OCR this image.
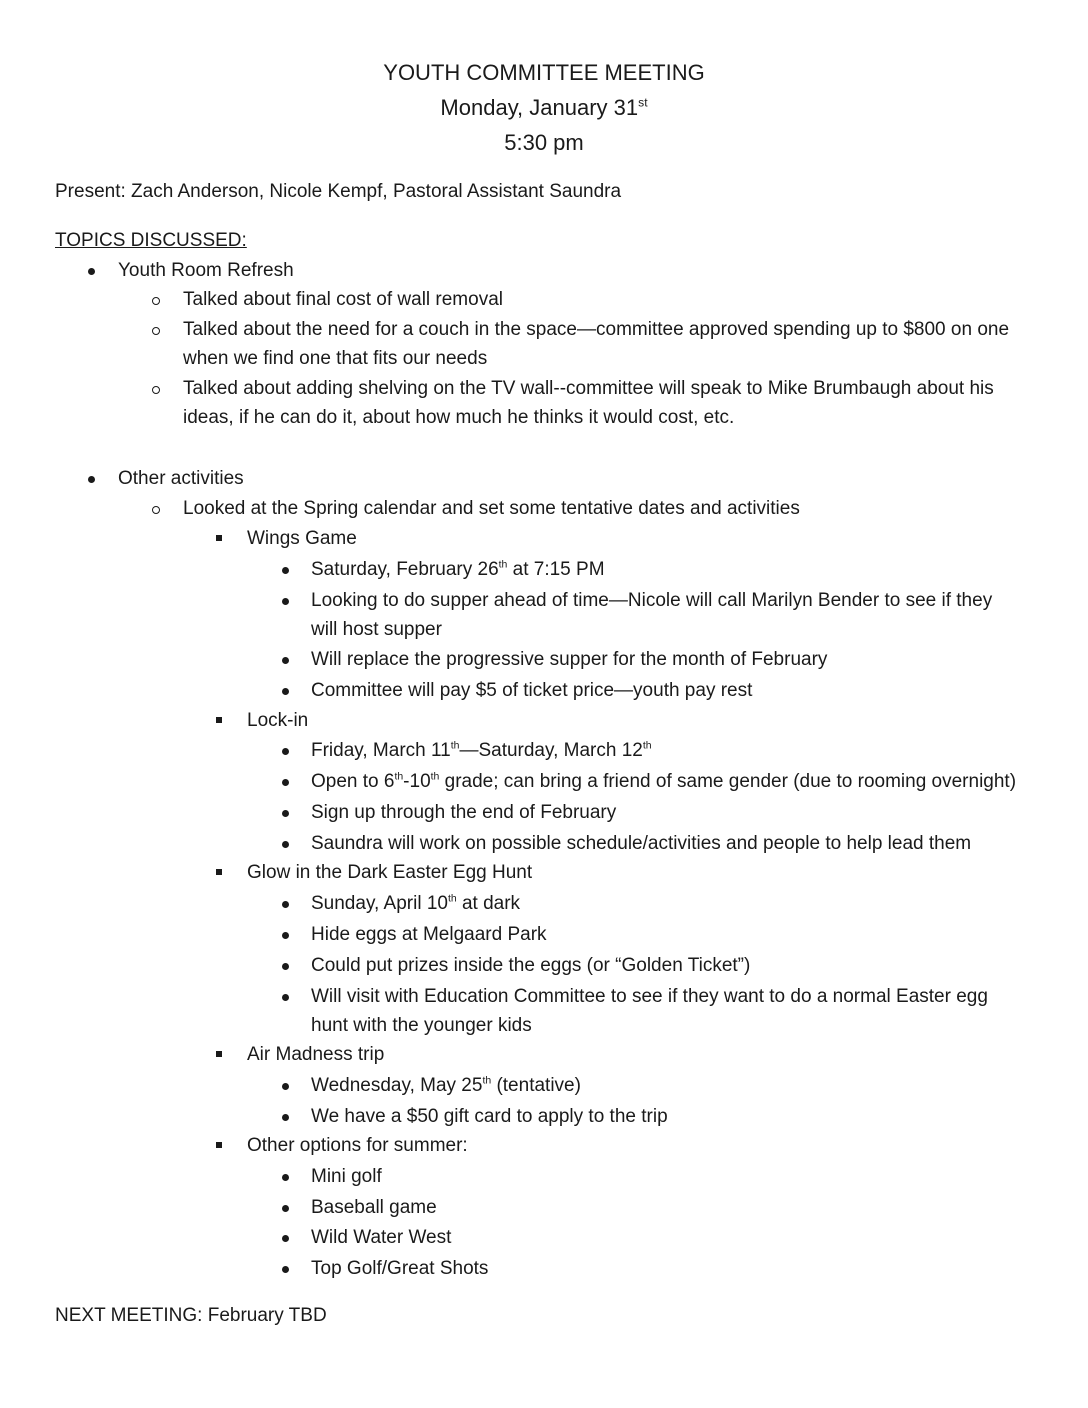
YOUTH COMMITTEE MEETING
Monday, January 31st
5:30 pm
Present: Zach Anderson, Nicole Kempf, Pastoral Assistant Saundra
TOPICS DISCUSSED:
Youth Room Refresh
Talked about final cost of wall removal
Talked about the need for a couch in the space—committee approved spending up to $800 on one
when we find one that fits our needs
Talked about adding shelving on the TV wall--committee will speak to Mike Brumbaugh about his
ideas, if he can do it, about how much he thinks it would cost, etc.
Other activities
Looked at the Spring calendar and set some tentative dates and activities
Wings Game
Saturday, February 26th at 7:15 PM
Looking to do supper ahead of time—Nicole will call Marilyn Bender to see if they
will host supper
Will replace the progressive supper for the month of February
Committee will pay $5 of ticket price—youth pay rest
Lock-in
Friday, March 11th—Saturday, March 12th
Open to 6th-10th grade; can bring a friend of same gender (due to rooming overnight)
Sign up through the end of February
Saundra will work on possible schedule/activities and people to help lead them
Glow in the Dark Easter Egg Hunt
Sunday, April 10th at dark
Hide eggs at Melgaard Park
Could put prizes inside the eggs (or “Golden Ticket”)
Will visit with Education Committee to see if they want to do a normal Easter egg
hunt with the younger kids
Air Madness trip
Wednesday, May 25th (tentative)
We have a $50 gift card to apply to the trip
Other options for summer:
Mini golf
Baseball game
Wild Water West
Top Golf/Great Shots
NEXT MEETING: February TBD
